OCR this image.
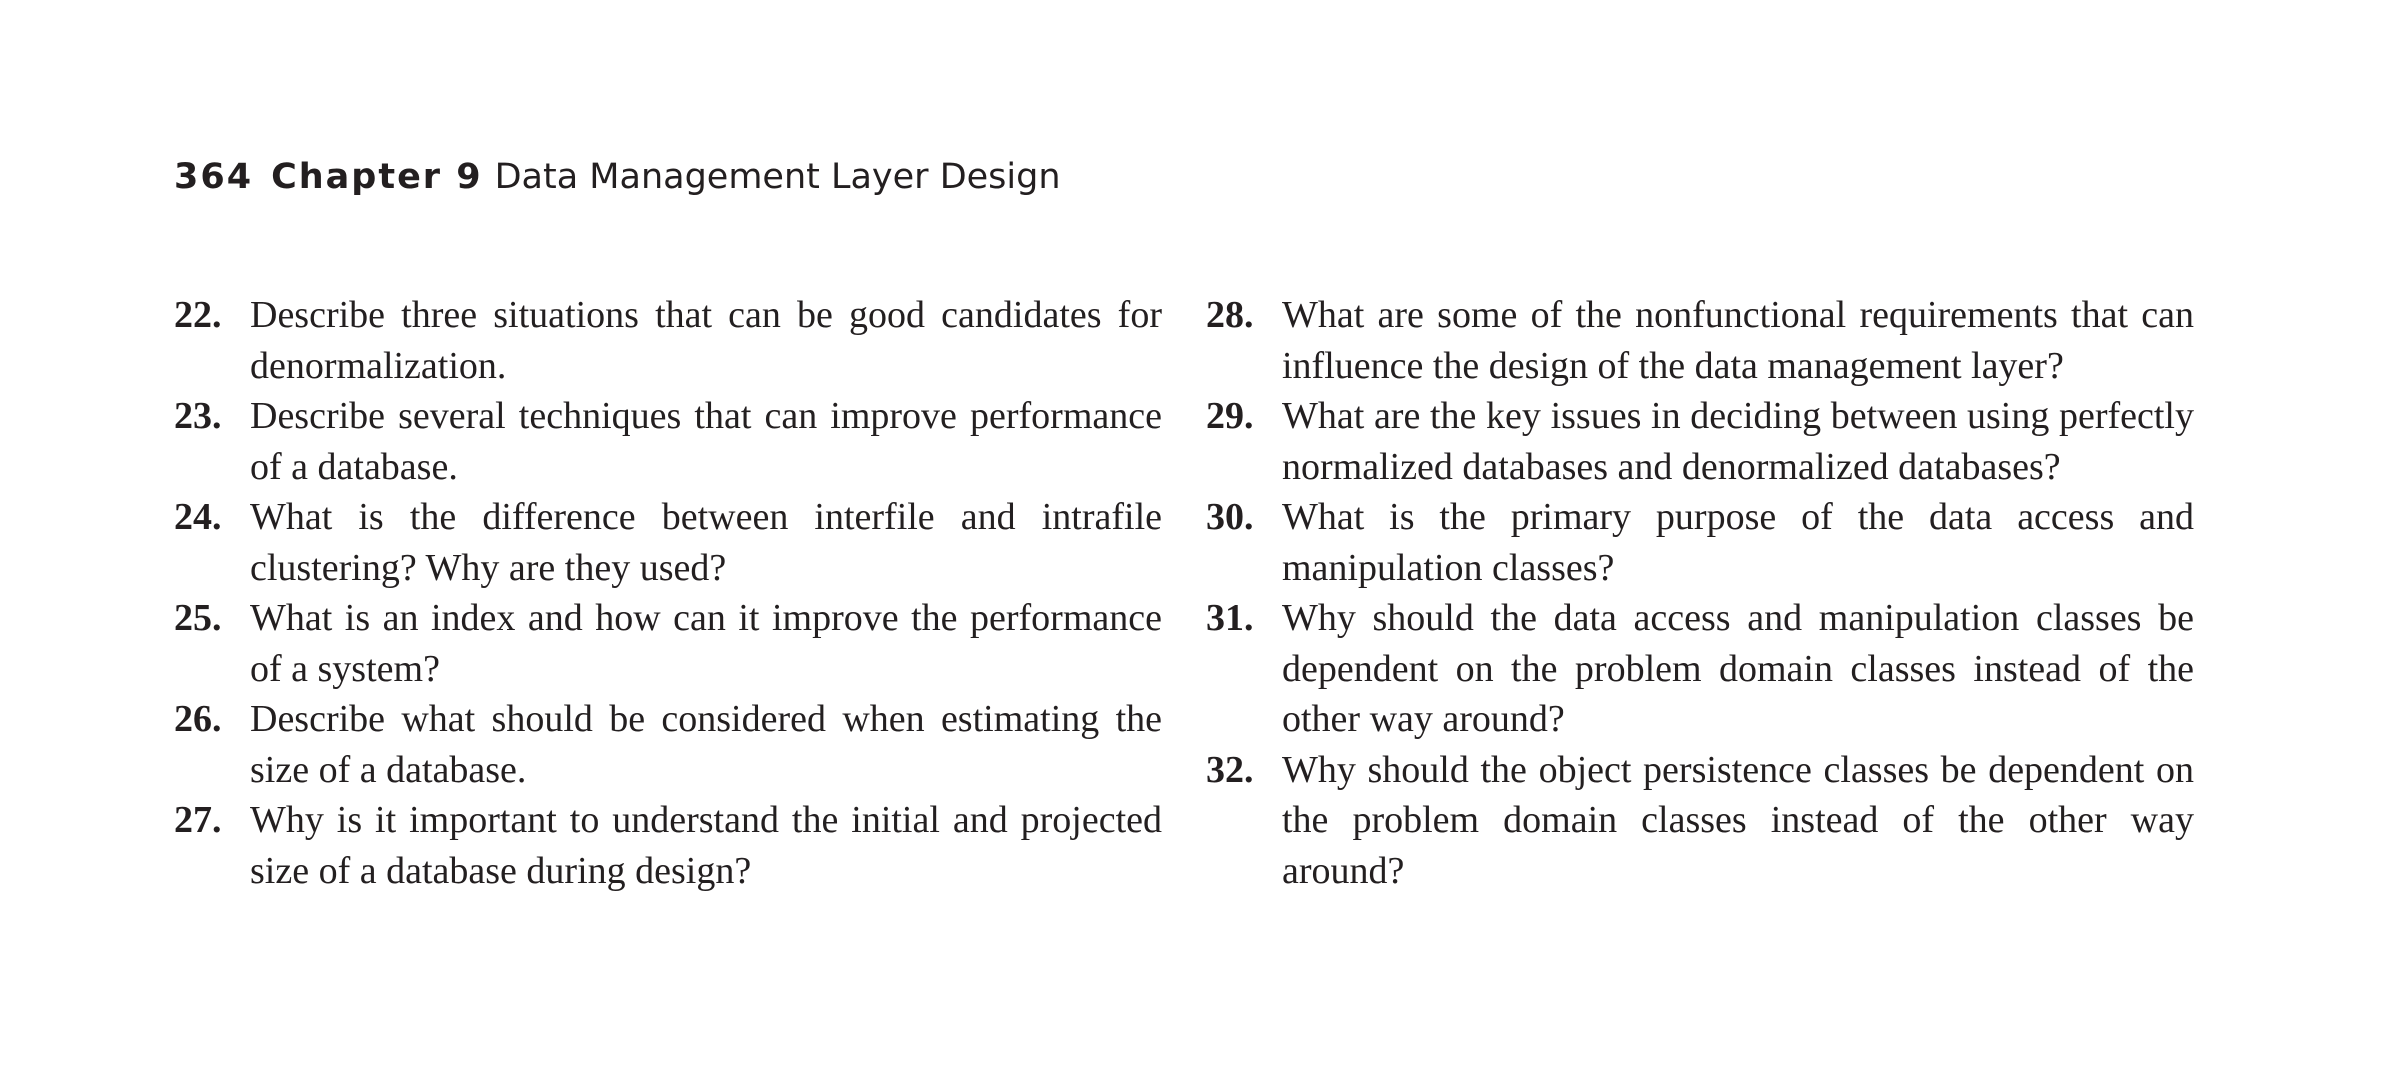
364 Chapter 9 Data Management Layer Design
22. Describe three situations that can be good candidates for denormalization.
23. Describe several techniques that can improve performance of a database.
24. What is the difference between interfile and intrafile clustering? Why are they used?
25. What is an index and how can it improve the performance of a system?
26. Describe what should be considered when estimating the size of a database.
27. Why is it important to understand the initial and projected size of a database during design?
28. What are some of the nonfunctional requirements that can influence the design of the data management layer?
29. What are the key issues in deciding between using perfectly normalized databases and denormalized databases?
30. What is the primary purpose of the data access and manipulation classes?
31. Why should the data access and manipulation classes be dependent on the problem domain classes instead of the other way around?
32. Why should the object persistence classes be dependent on the problem domain classes instead of the other way around?
